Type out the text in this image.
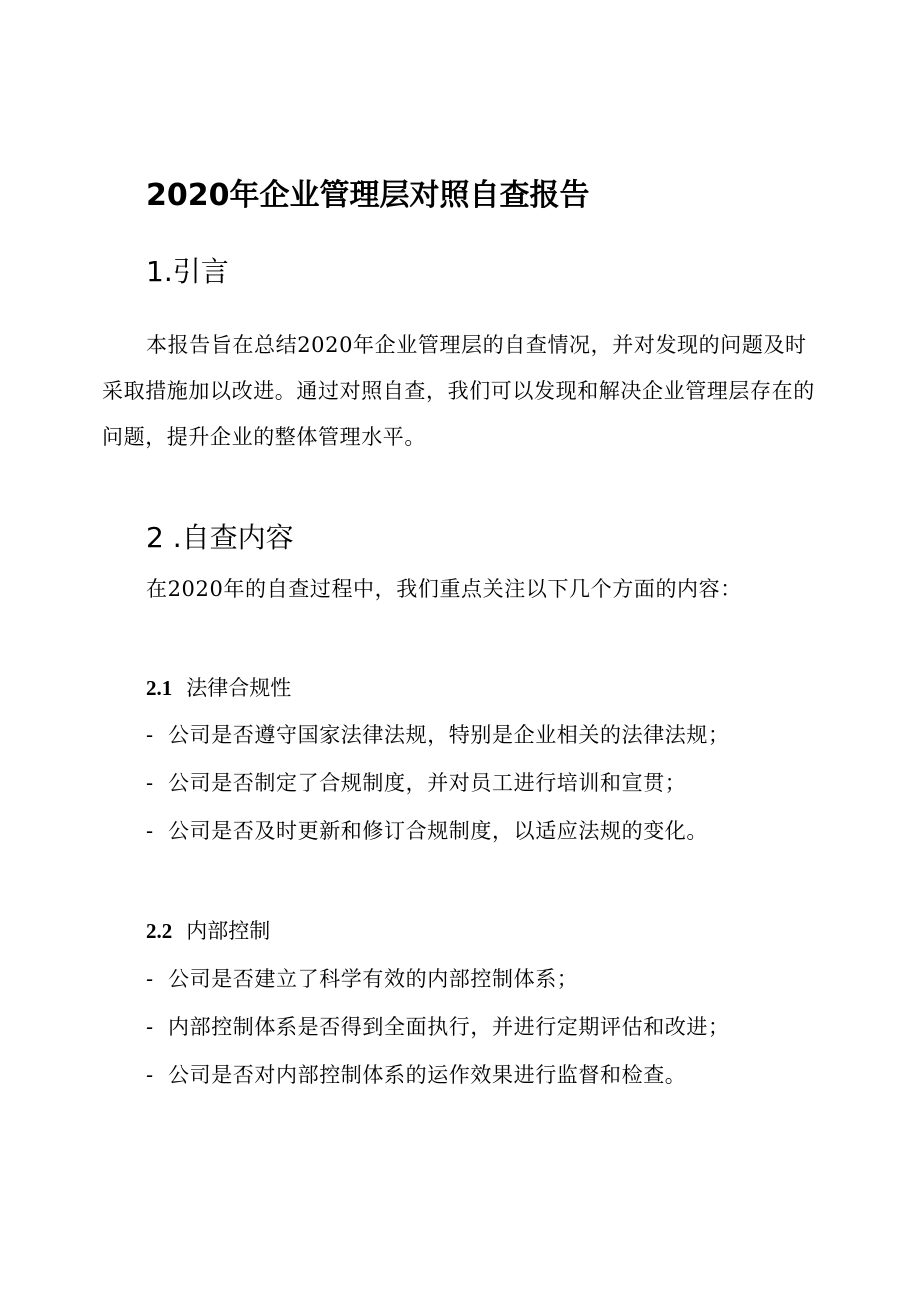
2020年企业管理层对照自查报告
1.引言

本报告旨在总结2020年企业管理层的自查情况，并对发现的问题及时采取措施加以改进。通过对照自查，我们可以发现和解决企业管理层存在的问题，提升企业的整体管理水平。

2 .自查内容
在2020年的自查过程中，我们重点关注以下几个方面的内容：
2.1 法律合规性
- 公司是否遵守国家法律法规，特别是企业相关的法律法规；
- 公司是否制定了合规制度，并对员工进行培训和宣贯；
- 公司是否及时更新和修订合规制度，以适应法规的变化。
2.2 内部控制
- 公司是否建立了科学有效的内部控制体系；
- 内部控制体系是否得到全面执行，并进行定期评估和改进；
- 公司是否对内部控制体系的运作效果进行监督和检查。
